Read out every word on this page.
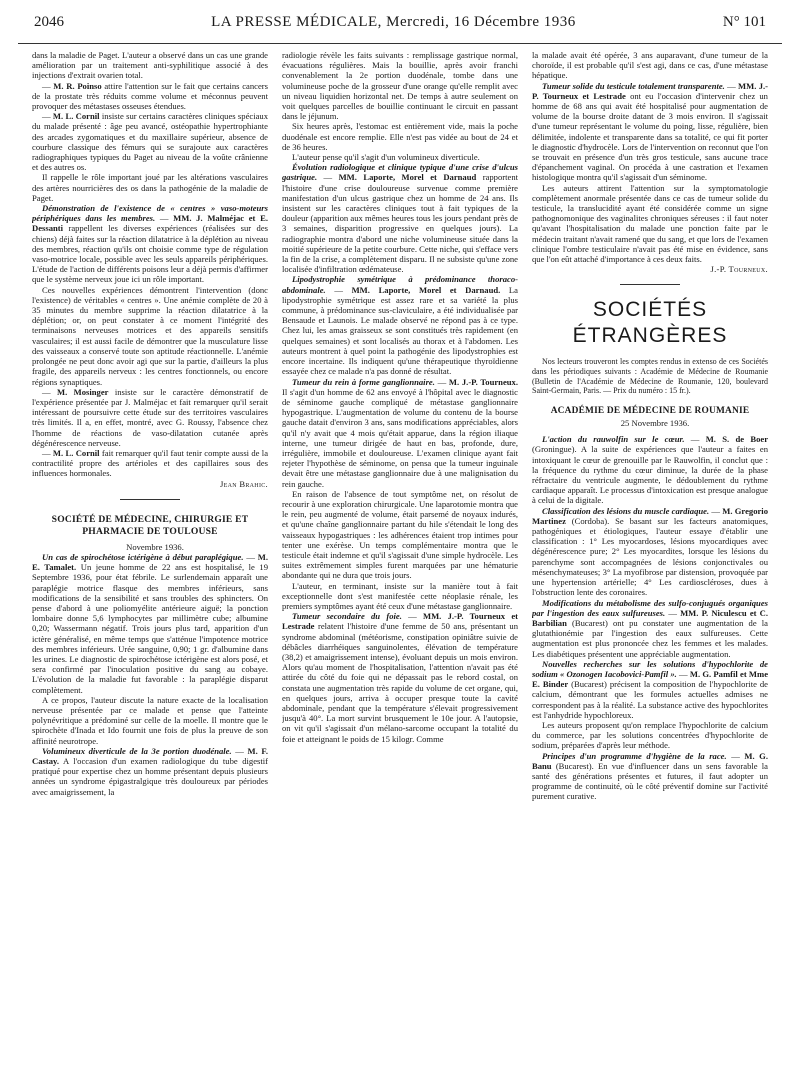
2046	LA PRESSE MÉDICALE, Mercredi, 16 Décembre 1936	N° 101

dans la maladie de Paget. L'auteur a observé dans un cas une grande amélioration par un traitement anti-syphilitique associé à des injections d'extrait ovarien total.

— M. R. Poinso attire l'attention sur le fait que certains cancers de la prostate très réduits comme volume et méconnus peuvent provoquer des métastases osseuses étendues.

— M. L. Cornil insiste sur certains caractères cliniques spéciaux du malade présenté : âge peu avancé, ostéopathie hypertrophiante des arcades zygomatiques et du maxillaire supérieur, absence de courbure classique des fémurs qui se surajoute aux caractères radiographiques typiques du Paget au niveau de la voûte crânienne et des autres os.

Il rappelle le rôle important joué par les altérations vasculaires des artères nourricières des os dans la pathogénie de la maladie de Paget.

Démonstration de l'existence de « centres » vaso-moteurs périphériques dans les membres. — MM. J. Malméjac et E. Dessanti rappellent les diverses expériences (réalisées sur des chiens) déjà faites sur la réaction dilatatrice à la déplétion au niveau des membres, réaction qu'ils ont choisie comme type de régulation vaso-motrice locale, possible avec les seuls appareils périphériques. L'étude de l'action de différents poisons leur a déjà permis d'affirmer que le système nerveux joue ici un rôle important.

Ces nouvelles expériences démontrent l'intervention (donc l'existence) de véritables « centres ». Une anémie complète de 20 à 35 minutes du membre supprime la réaction dilatatrice à la déplétion; or, on peut constater à ce moment l'intégrité des terminaisons nerveuses motrices et des appareils sensitifs vasculaires; il est aussi facile de démontrer que la musculature lisse des vaisseaux a conservé toute son aptitude réactionnelle. L'anémie prolongée ne peut donc avoir agi que sur la partie, d'ailleurs la plus fragile, des appareils nerveux : les centres fonctionnels, ou encore régions synaptiques.

— M. Mosinger insiste sur le caractère démonstratif de l'expérience présentée par J. Malméjac et fait remarquer qu'il serait intéressant de poursuivre cette étude sur des territoires vasculaires très limités. Il a, en effet, montré, avec G. Roussy, l'absence chez l'homme de réactions de vaso-dilatation cutanée après dégénérescence nerveuse.

— M. L. Cornil fait remarquer qu'il faut tenir compte aussi de la contractilité propre des artérioles et des capillaires sous des influences hormonales.

Jean Brahic.

SOCIÉTÉ DE MÉDECINE, CHIRURGIE ET PHARMACIE DE TOULOUSE

Novembre 1936.

Un cas de spirochétose ictérigène à début paraplégique. — M. E. Tamalet. Un jeune homme de 22 ans est hospitalisé, le 19 Septembre 1936, pour état fébrile. Le surlendemain apparaît une paraplégie motrice flasque des membres inférieurs, sans modifications de la sensibilité et sans troubles des sphincters. On pense d'abord à une poliomyélite antérieure aiguë; la ponction lombaire donne 5,6 lymphocytes par millimètre cube; albumine 0,20; Wassermann négatif. Trois jours plus tard, apparition d'un ictère généralisé, en même temps que s'atténue l'impotence motrice des membres inférieurs. Urée sanguine, 0,90; 1 gr. d'albumine dans les urines. Le diagnostic de spirochétose ictérigène est alors posé, et sera confirmé par l'inoculation positive du sang au cobaye. L'évolution de la maladie fut favorable : la paraplégie disparut complètement.

A ce propos, l'auteur discute la nature exacte de la localisation nerveuse présentée par ce malade et pense que l'atteinte polynévritique a prédominé sur celle de la moelle. Il montre que le spirochète d'Inada et Ido fournit une fois de plus la preuve de son affinité neurotrope.

Volumineux diverticule de la 3e portion duodénale. — M. F. Castay. A l'occasion d'un examen radiologique du tube digestif pratiqué pour expertise chez un homme présentant depuis plusieurs années un syndrome épigastralgique très douloureux par périodes avec amaigrissement, la

radiologie révèle les faits suivants : remplissage gastrique normal, évacuations régulières. Mais la bouillie, après avoir franchi convenablement la 2e portion duodénale, tombe dans une volumineuse poche de la grosseur d'une orange qu'elle remplit avec un niveau liquidien horizontal net. De temps à autre seulement on voit quelques parcelles de bouillie continuant le circuit en passant dans le jéjunum.

Six heures après, l'estomac est entièrement vide, mais la poche duodénale est encore remplie. Elle n'est pas vidée au bout de 24 et de 36 heures.

L'auteur pense qu'il s'agit d'un volumineux diverticule.

Évolution radiologique et clinique typique d'une crise d'ulcus gastrique. — MM. Laporte, Morel et Darnaud rapportent l'histoire d'une crise douloureuse survenue comme première manifestation d'un ulcus gastrique chez un homme de 24 ans. Ils insistent sur les caractères cliniques tout à fait typiques de la douleur (apparition aux mêmes heures tous les jours pendant près de 3 semaines, disparition progressive en quelques jours). La radiographie montra d'abord une niche volumineuse située dans la moitié supérieure de la petite courbure. Cette niche, qui s'efface vers la fin de la crise, a complètement disparu. Il ne subsiste qu'une zone localisée d'infiltration œdémateuse.

Lipodystrophie symétrique à prédominance thoraco-abdominale. — MM. Laporte, Morel et Darnaud. La lipodystrophie symétrique est assez rare et sa variété la plus commune, à prédominance sus-claviculaire, a été individualisée par Bensaude et Launois. Le malade observé ne répond pas à ce type. Chez lui, les amas graisseux se sont constitués très rapidement (en quelques semaines) et sont localisés au thorax et à l'abdomen. Les auteurs montrent à quel point la pathogénie des lipodystrophies est encore incertaine. Ils indiquent qu'une thérapeutique thyroïdienne essayée chez ce malade n'a pas donné de résultat.

Tumeur du rein à forme ganglionnaire. — M. J.-P. Tourneux. Il s'agit d'un homme de 62 ans envoyé à l'hôpital avec le diagnostic de séminome gauche compliqué de métastase ganglionnaire hypogastrique. L'augmentation de volume du contenu de la bourse gauche datait d'environ 3 ans, sans modifications appréciables, alors qu'il n'y avait que 4 mois qu'était apparue, dans la région iliaque interne, une tumeur dirigée de haut en bas, profonde, dure, irrégulière, immobile et douloureuse. L'examen clinique ayant fait rejeter l'hypothèse de séminome, on pensa que la tumeur inguinale devait être une métastase ganglionnaire due à une malignisation du rein gauche.

En raison de l'absence de tout symptôme net, on résolut de recourir à une exploration chirurgicale. Une laparotomie montra que le rein, peu augmenté de volume, était parsemé de noyaux indurés, et qu'une chaîne ganglionnaire partant du hile s'étendait le long des vaisseaux hypogastriques : les adhérences étaient trop intimes pour tenter une exérèse. Un temps complémentaire montra que le testicule était indemne et qu'il s'agissait d'une simple hydrocèle. Les suites extrêmement simples furent marquées par une hématurie abondante qui ne dura que trois jours.

L'auteur, en terminant, insiste sur la manière tout à fait exceptionnelle dont s'est manifestée cette néoplasie rénale, les premiers symptômes ayant été ceux d'une métastase ganglionnaire.

Tumeur secondaire du foie. — MM. J.-P. Tourneux et Lestrade relatent l'histoire d'une femme de 50 ans, présentant un syndrome abdominal (météorisme, constipation opiniâtre suivie de débâcles diarrhéiques sanguinolentes, élévation de température (38,2) et amaigrissement intense), évoluant depuis un mois environ. Alors qu'au moment de l'hospitalisation, l'attention n'avait pas été attirée du côté du foie qui ne dépassait pas le rebord costal, on constata une augmentation très rapide du volume de cet organe, qui, en quelques jours, arriva à occuper presque toute la cavité abdominale, pendant que la température s'élevait progressivement jusqu'à 40°. La mort survint brusquement le 10e jour. A l'autopsie, on vit qu'il s'agissait d'un mélano-sarcome occupant la totalité du foie et atteignant le poids de 15 kilogr. Comme

la malade avait été opérée, 3 ans auparavant, d'une tumeur de la choroïde, il est probable qu'il s'est agi, dans ce cas, d'une métastase hépatique.

Tumeur solide du testicule totalement transparente. — MM. J.-P. Tourneux et Lestrade ont eu l'occasion d'intervenir chez un homme de 68 ans qui avait été hospitalisé pour augmentation de volume de la bourse droite datant de 3 mois environ. Il s'agissait d'une tumeur représentant le volume du poing, lisse, régulière, bien délimitée, indolente et transparente dans sa totalité, ce qui fit porter le diagnostic d'hydrocèle. Lors de l'intervention on reconnut que l'on se trouvait en présence d'un très gros testicule, sans aucune trace d'épanchement vaginal. On procéda à une castration et l'examen histologique montra qu'il s'agissait d'un séminome.

Les auteurs attirent l'attention sur la symptomatologie complètement anormale présentée dans ce cas de tumeur solide du testicule, la translucidité ayant été considérée comme un signe pathognomonique des vaginalites chroniques séreuses : il faut noter qu'avant l'hospitalisation du malade une ponction faite par le médecin traitant n'avait ramené que du sang, et que lors de l'examen clinique l'ombre testiculaire n'avait pas été mise en évidence, sans que l'on eût attaché d'importance à ces deux faits.

J.-P. Tourneux.

SOCIÉTÉS ÉTRANGÈRES

Nos lecteurs trouveront les comptes rendus in extenso de ces Sociétés dans les périodiques suivants : Académie de Médecine de Roumanie (Bulletin de l'Académie de Médecine de Roumanie, 120, boulevard Saint-Germain, Paris. — Prix du numéro : 15 fr.).

ACADÉMIE DE MÉDECINE DE ROUMANIE

25 Novembre 1936.

L'action du rauwolfin sur le cœur. — M. S. de Boer (Groningue). A la suite de expériences que l'auteur a faites en intoxiquant le cœur de grenouille par le Rauwolfin, il conclut que : la fréquence du rythme du cœur diminue, la durée de la phase réfractaire du ventricule augmente, le dédoublement du rythme cardiaque apparaît. Le processus d'intoxication est presque analogue à celui de la digitale.

Classification des lésions du muscle cardiaque. — M. Gregorio Martinez (Cordoba). Se basant sur les facteurs anatomiques, pathogéniques et étiologiques, l'auteur essaye d'établir une classification : 1° Les myocardoses, lésions myocardiques avec dégénérescence pure; 2° Les myocardites, lorsque les lésions du parenchyme sont accompagnées de lésions conjonctivales ou mésenchymateuses; 3° La myofibrose par distension, provoquée par une hypertension artérielle; 4° Les cardiosclérоses, dues à l'obstruction lente des coronaires.

Modifications du métabolisme des sulfo-conjugués organiques par l'ingestion des eaux sulfureuses. — MM. P. Niculescu et C. Barbilian (Bucarest) ont pu constater une augmentation de la glutathionémie par l'ingestion des eaux sulfureuses. Cette augmentation est plus prononcée chez les femmes et les malades. Les diabétiques présentent une appréciable augmentation.

Nouvelles recherches sur les solutions d'hypochlorite de sodium « Ozonogen Iacobovici-Pamfil ». — M. G. Pamfil et Mme E. Binder (Bucarest) précisent la composition de l'hypochlorite de calcium, démontrant que les formules actuelles admises ne correspondent pas à la réalité. La substance active des hypochlorites est l'anhydride hypochloreux.

Les auteurs proposent qu'on remplace l'hypochlorite de calcium du commerce, par les solutions concentrées d'hypochlorite de sodium, préparées d'après leur méthode.

Principes d'un programme d'hygiène de la race. — M. G. Banu (Bucarest). En vue d'influencer dans un sens favorable la santé des générations présentes et futures, il faut adopter un programme de continuité, où le côté préventif domine sur l'activité purement curative.
